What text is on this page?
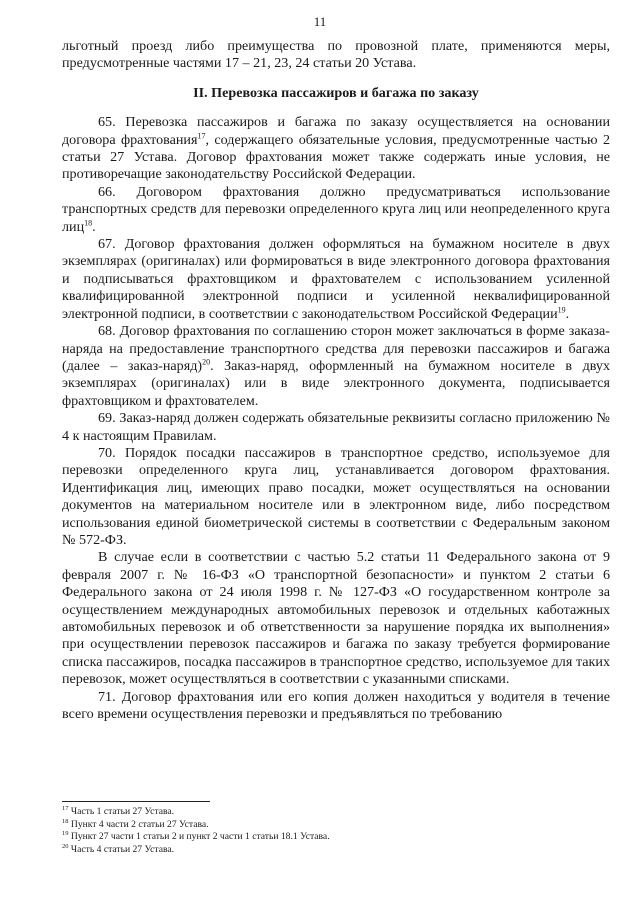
11

льготный проезд либо преимущества по провозной плате, применяются меры, предусмотренные частями 17 – 21, 23, 24 статьи 20 Устава.

II. Перевозка пассажиров и багажа по заказу

65. Перевозка пассажиров и багажа по заказу осуществляется на основании договора фрахтования$^{17}$, содержащего обязательные условия, предусмотренные частью 2 статьи 27 Устава. Договор фрахтования может также содержать иные условия, не противоречащие законодательству Российской Федерации.

66. Договором фрахтования должно предусматриваться использование транспортных средств для перевозки определенного круга лиц или неопределенного круга лиц$^{18}$.

67. Договор фрахтования должен оформляться на бумажном носителе в двух экземплярах (оригиналах) или формироваться в виде электронного договора фрахтования и подписываться фрахтовщиком и фрахтователем с использованием усиленной квалифицированной электронной подписи и усиленной неквалифицированной электронной подписи, в соответствии с законодательством Российской Федерации$^{19}$.

68. Договор фрахтования по соглашению сторон может заключаться в форме заказа-наряда на предоставление транспортного средства для перевозки пассажиров и багажа (далее – заказ-наряд)$^{20}$. Заказ-наряд, оформленный на бумажном носителе в двух экземплярах (оригиналах) или в виде электронного документа, подписывается фрахтовщиком и фрахтователем.

69. Заказ-наряд должен содержать обязательные реквизиты согласно приложению № 4 к настоящим Правилам.

70. Порядок посадки пассажиров в транспортное средство, используемое для перевозки определенного круга лиц, устанавливается договором фрахтования. Идентификация лиц, имеющих право посадки, может осуществляться на основании документов на материальном носителе или в электронном виде, либо посредством использования единой биометрической системы в соответствии с Федеральным законом № 572-ФЗ.

В случае если в соответствии с частью 5.2 статьи 11 Федерального закона от 9 февраля 2007 г. № 16-ФЗ «О транспортной безопасности» и пунктом 2 статьи 6 Федерального закона от 24 июля 1998 г. № 127-ФЗ «О государственном контроле за осуществлением международных автомобильных перевозок и отдельных каботажных автомобильных перевозок и об ответственности за нарушение порядка их выполнения» при осуществлении перевозок пассажиров и багажа по заказу требуется формирование списка пассажиров, посадка пассажиров в транспортное средство, используемое для таких перевозок, может осуществляться в соответствии с указанными списками.

71. Договор фрахтования или его копия должен находиться у водителя в течение всего времени осуществления перевозки и предъявляться по требованию

$^{17}$ Часть 1 статьи 27 Устава.
$^{18}$ Пункт 4 части 2 статьи 27 Устава.
$^{19}$ Пункт 27 части 1 статьи 2 и пункт 2 части 1 статьи 18.1 Устава.
$^{20}$ Часть 4 статьи 27 Устава.
